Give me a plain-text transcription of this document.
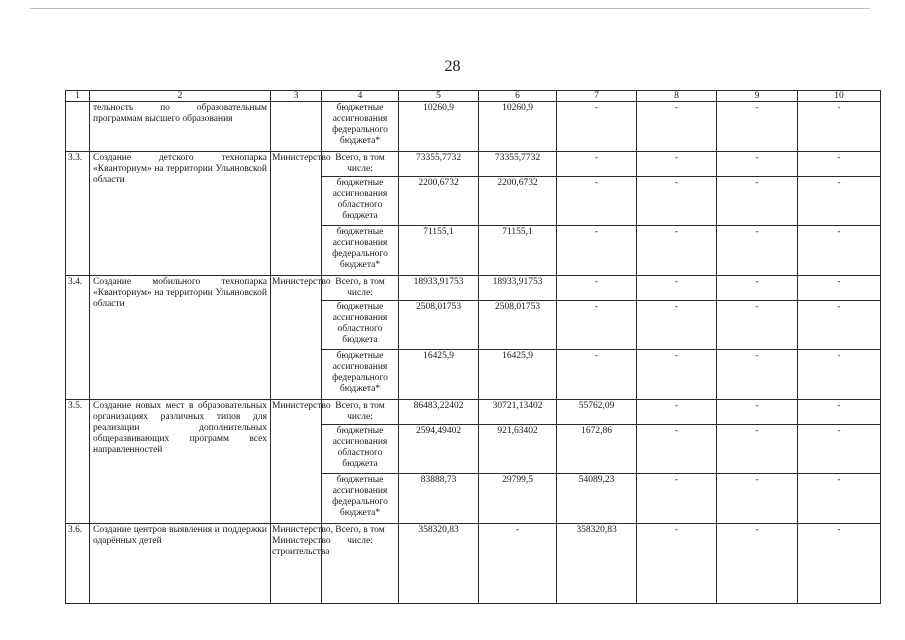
28
1	2	3	4	5	6	7	8	9	10
	тельность по образовательным программам высшего образования		бюджетные ассигнования федерального бюджета*	10260,9	10260,9	-	-	-	-
3.3.	Создание детского технопарка «Кванториум» на территории Ульяновской области	Министерство	Всего, в том числе:	73355,7732	73355,7732	-	-	-	-
			бюджетные ассигнования областного бюджета	2200,6732	2200,6732	-	-	-	-
			бюджетные ассигнования федерального бюджета*	71155,1	71155,1	-	-	-	-
3.4.	Создание мобильного технопарка «Кванториум» на территории Ульяновской области	Министерство	Всего, в том числе:	18933,91753	18933,91753	-	-	-	-
			бюджетные ассигнования областного бюджета	2508,01753	2508,01753	-	-	-	-
			бюджетные ассигнования федерального бюджета*	16425,9	16425,9	-	-	-	-
3.5.	Создание новых мест в образовательных организациях различных типов для реализации дополнительных общеразвивающих программ всех направленностей	Министерство	Всего, в том числе:	86483,22402	30721,13402	55762,09	-	-	-
			бюджетные ассигнования областного бюджета	2594,49402	921,63402	1672,86	-	-	-
			бюджетные ассигнования федерального бюджета*	83888,73	29799,5	54089,23	-	-	-
3.6.	Создание центров выявления и поддержки одарённых детей	Министерство, Министерство строительства	Всего, в том числе:	358320,83	-	358320,83	-	-	-
